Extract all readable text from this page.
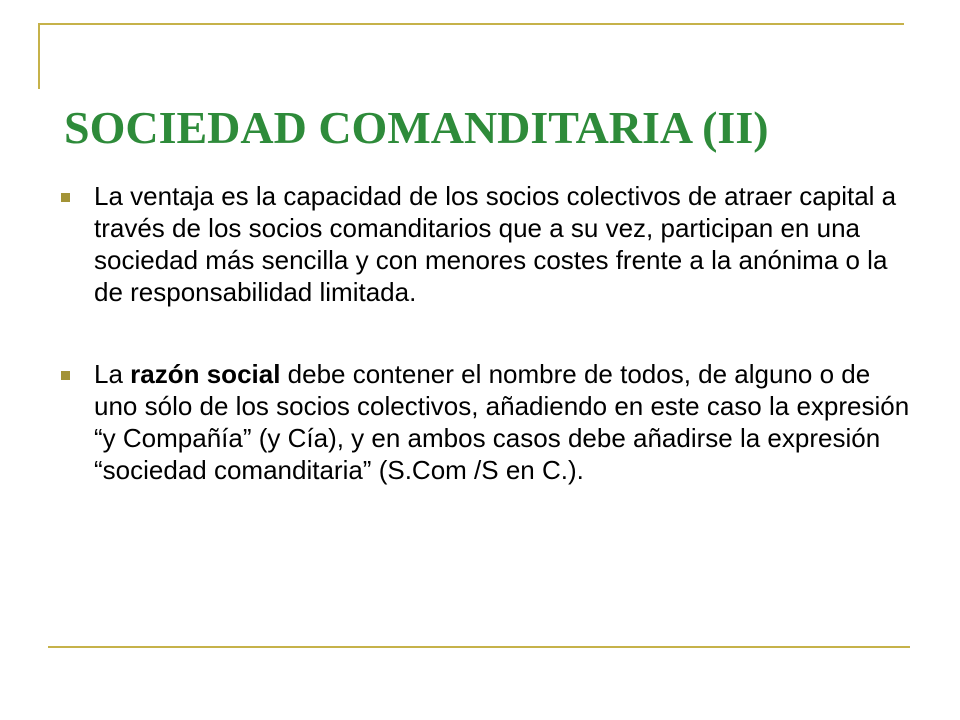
SOCIEDAD COMANDITARIA (II)
La ventaja es la capacidad de los socios colectivos de atraer capital a través de los socios comanditarios que a su vez, participan en una sociedad más sencilla y con menores costes frente a la anónima o la de responsabilidad limitada.
La razón social debe contener el nombre de todos, de alguno o de uno sólo de los socios colectivos, añadiendo en este caso la expresión “y Compañía” (y Cía), y en ambos casos debe añadirse la expresión “sociedad comanditaria” (S.Com /S en C.).
